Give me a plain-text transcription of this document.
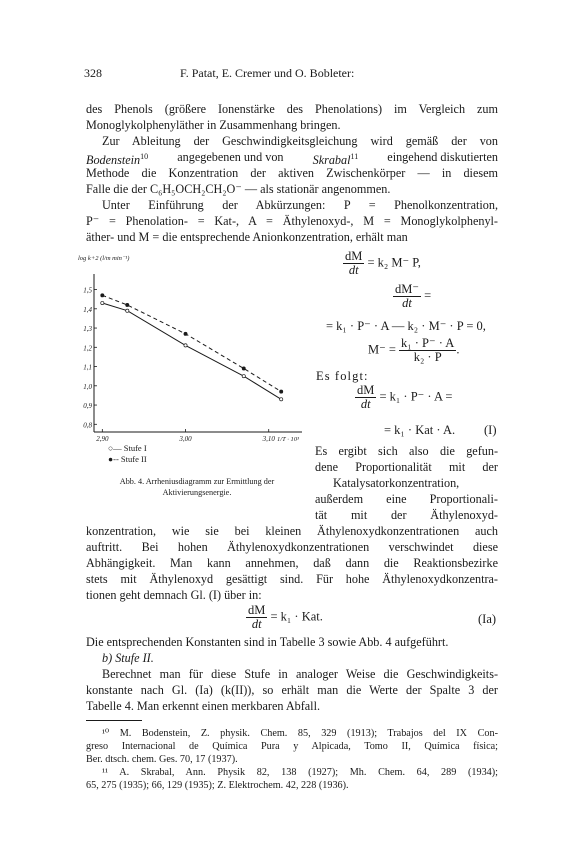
328	F. Patat, E. Cremer und O. Bobleter:
des Phenols (größere Ionenstärke des Phenolations) im Vergleich zum
Monoglykolphenyläther in Zusammenhang bringen.
Zur Ableitung der Geschwindigkeitsgleichung wird gemäß der von
Bodenstein$^{10}$ angegebenen und von Skrabal$^{11}$ eingehend diskutierten
Methode die Konzentration der aktiven Zwischenkörper — in diesem
Falle die der C₆H₅OCH₂CH₂O⁻ — als stationär angenommen.
Unter Einführung der Abkürzungen: P = Phenolkonzentration,
P⁻ = Phenolation- = Kat-, A = Äthylenoxyd-, M = Monoglykolphenyl-
äther- und M = die entsprechende Anionkonzentration, erhält man
$\frac{dM}{dt} = k_2$ M⁻ P,
$\frac{dM^-}{dt}$ =
= k₁ · P⁻ · A — k₂ · M⁻ · P = 0,
$M^- = \frac{\text{k₁ · P⁻ · A}}{\text{k₂ · P}}$ .
Es folgt:
$\frac{dM}{dt} = k_1 \cdot P^- \cdot A$ =
= k₁ · Kat · A. (I)
Es ergibt sich also die gefun-
dene Proportionalität mit der
Katalysatorkonzentration,
außerdem eine Proportionali-
tät mit der Äthylenoxyd-
1,5
1,4
1,3
1,2
1,1
1,0
0,9
0,8
2,90	3,00	3,10
log k+2 (l/m min⁻¹)
1/T · 10³
○— Stufe I
●-- Stufe II
Abb. 4. Arrheniusdiagramm zur Ermittlung der
Aktivierungsenergie.
konzentration, wie sie bei kleinen Äthylenoxydkonzentrationen auch
auftritt. Bei hohen Äthylenoxydkonzentrationen verschwindet diese
Abhängigkeit. Man kann annehmen, daß dann die Reaktionsbezirke
stets mit Äthylenoxyd gesättigt sind. Für hohe Äthylenoxydkonzentra-
tionen geht demnach Gl. (I) über in:
$\frac{dM}{dt} = k_1$ · Kat.	(Ia)
Die entsprechenden Konstanten sind in Tabelle 3 sowie Abb. 4 aufgeführt.
b) Stufe II.
Berechnet man für diese Stufe in analoger Weise die Geschwindigkeits-
konstante nach Gl. (Ia) (k(II)), so erhält man die Werte der Spalte 3 der
Tabelle 4. Man erkennt einen merkbaren Abfall.
¹⁰ M. Bodenstein, Z. physik. Chem. 85, 329 (1913); Trabajos del IX Con-
greso Internacional de Química Pura y Alpicada, Tomo II, Química física;
Ber. dtsch. chem. Ges. 70, 17 (1937).
¹¹ A. Skrabal, Ann. Physik 82, 138 (1927); Mh. Chem. 64, 289 (1934);
65, 275 (1935); 66, 129 (1935); Z. Elektrochem. 42, 228 (1936).
